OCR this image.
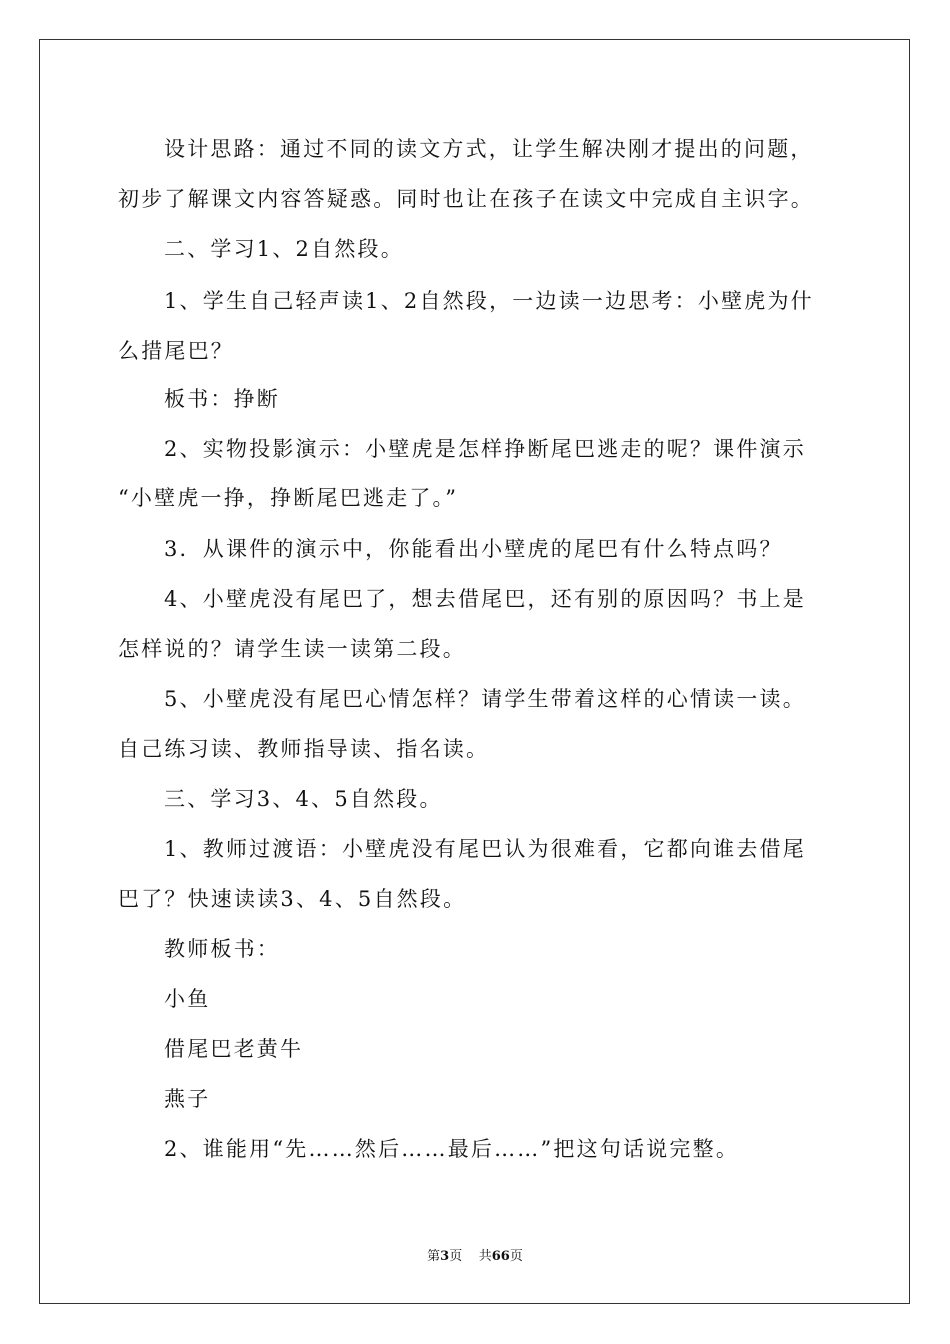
设计思路：通过不同的读文方式，让学生解决刚才提出的问题，
初步了解课文内容答疑惑。同时也让在孩子在读文中完成自主识字。
二、学习1、2自然段。
1、学生自己轻声读1、2自然段，一边读一边思考：小壁虎为什
么措尾巴？
板书：挣断
2、实物投影演示：小壁虎是怎样挣断尾巴逃走的呢？课件演示
“小壁虎一挣，挣断尾巴逃走了。”
3．从课件的演示中，你能看出小壁虎的尾巴有什么特点吗？
4、小壁虎没有尾巴了，想去借尾巴，还有别的原因吗？书上是
怎样说的？请学生读一读第二段。
5、小壁虎没有尾巴心情怎样？请学生带着这样的心情读一读。
自己练习读、教师指导读、指名读。
三、学习3、4、5自然段。
1、教师过渡语：小壁虎没有尾巴认为很难看，它都向谁去借尾
巴了？快速读读3、4、5自然段。
教师板书：
小鱼
借尾巴老黄牛
燕子
2、谁能用“先……然后……最后……”把这句话说完整。
第3页 共66页
